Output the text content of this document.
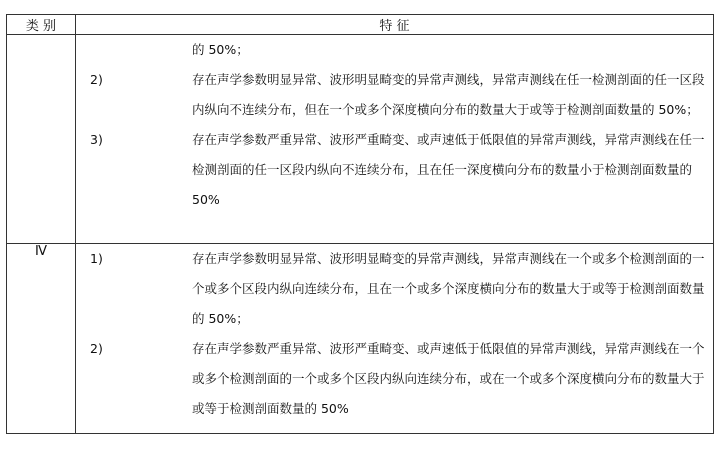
类 别	特 征

	的 50%；
2) 存在声学参数明显异常、波形明显畸变的异常声测线，异常声测线在任一检测剖面的任一区段内纵向不连续分布，但在一个或多个深度横向分布的数量大于或等于检测剖面数量的 50%；
3) 存在声学参数严重异常、波形严重畸变、或声速低于低限值的异常声测线，异常声测线在任一检测剖面的任一区段内纵向不连续分布，且在任一深度横向分布的数量小于检测剖面数量的 50%

Ⅳ	1) 存在声学参数明显异常、波形明显畸变的异常声测线，异常声测线在一个或多个检测剖面的一个或多个区段内纵向连续分布，且在一个或多个深度横向分布的数量大于或等于检测剖面数量的 50%；
2) 存在声学参数严重异常、波形严重畸变、或声速低于低限值的异常声测线，异常声测线在一个或多个检测剖面的一个或多个区段内纵向连续分布，或在一个或多个深度横向分布的数量大于或等于检测剖面数量的 50%
